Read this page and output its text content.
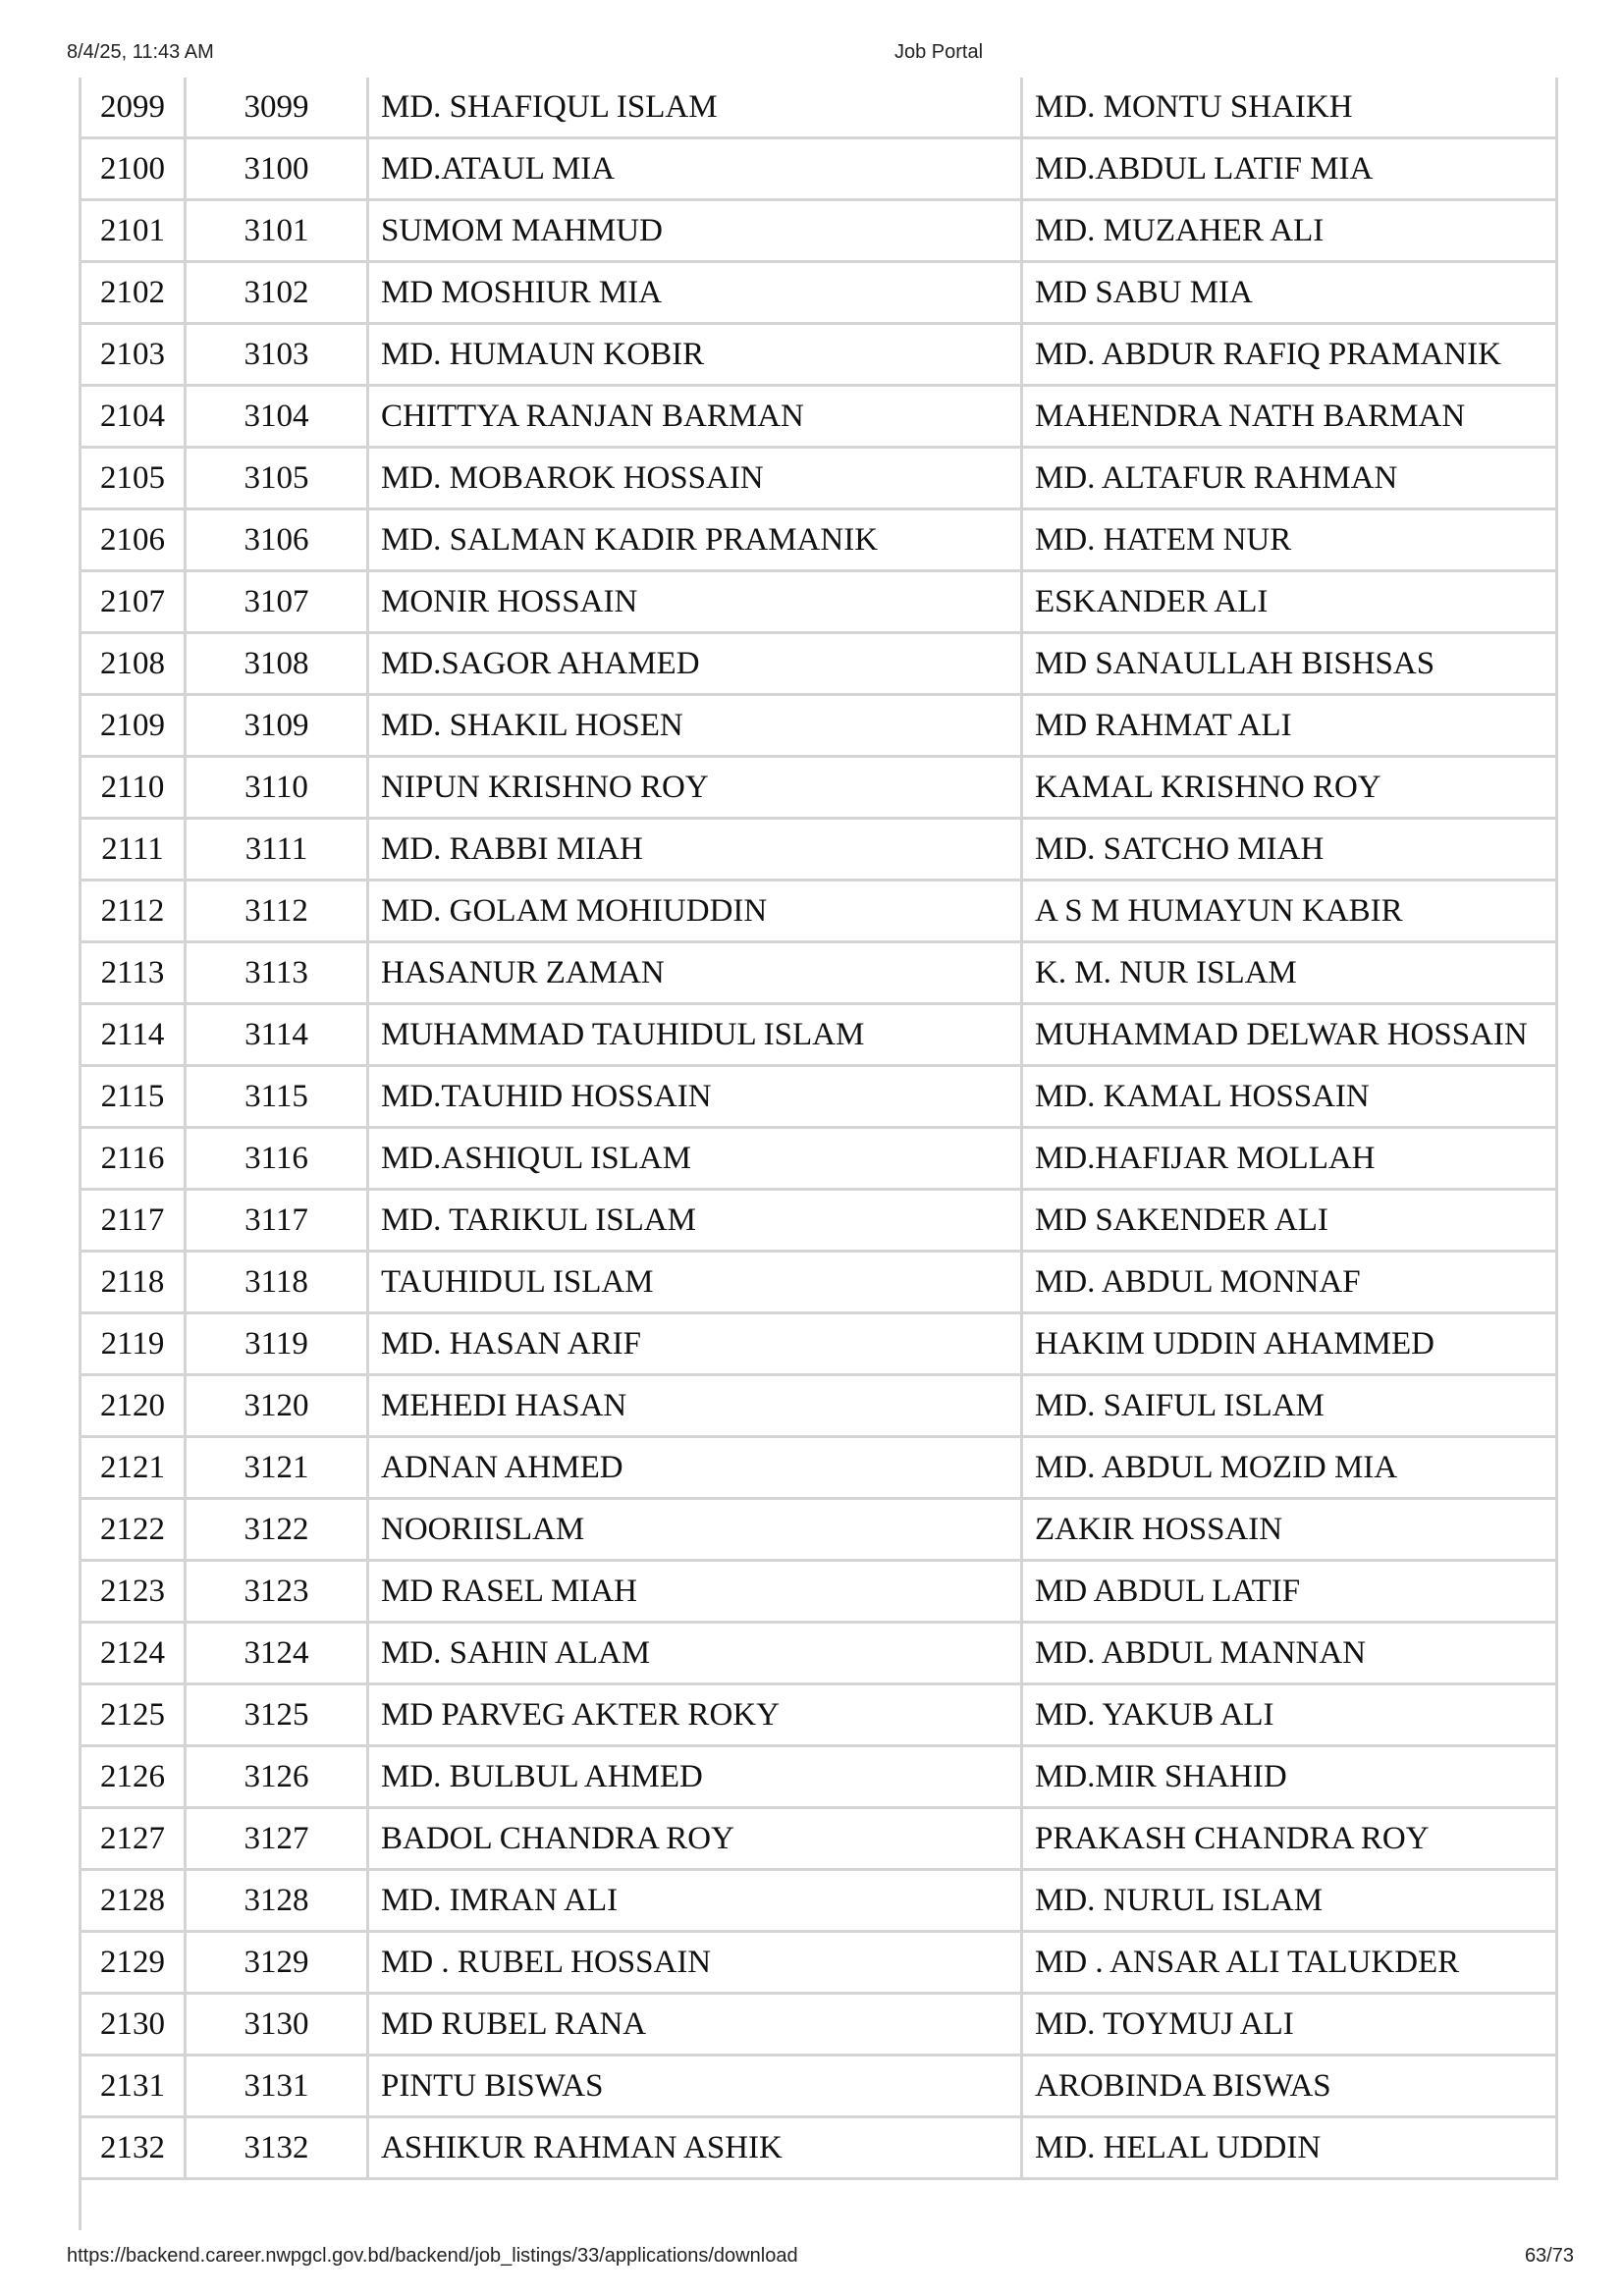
8/4/25, 11:43 AM	Job Portal
2099	3099	MD. SHAFIQUL ISLAM	MD. MONTU SHAIKH
2100	3100	MD.ATAUL MIA	MD.ABDUL LATIF MIA
2101	3101	SUMOM MAHMUD	MD. MUZAHER ALI
2102	3102	MD MOSHIUR MIA	MD SABU MIA
2103	3103	MD. HUMAUN KOBIR	MD. ABDUR RAFIQ PRAMANIK
2104	3104	CHITTYA RANJAN BARMAN	MAHENDRA NATH BARMAN
2105	3105	MD. MOBAROK HOSSAIN	MD. ALTAFUR RAHMAN
2106	3106	MD. SALMAN KADIR PRAMANIK	MD. HATEM NUR
2107	3107	MONIR HOSSAIN	ESKANDER ALI
2108	3108	MD.SAGOR AHAMED	MD SANAULLAH BISHSAS
2109	3109	MD. SHAKIL HOSEN	MD RAHMAT ALI
2110	3110	NIPUN KRISHNO ROY	KAMAL KRISHNO ROY
2111	3111	MD. RABBI MIAH	MD. SATCHO MIAH
2112	3112	MD. GOLAM MOHIUDDIN	A S M HUMAYUN KABIR
2113	3113	HASANUR ZAMAN	K. M. NUR ISLAM
2114	3114	MUHAMMAD TAUHIDUL ISLAM	MUHAMMAD DELWAR HOSSAIN
2115	3115	MD.TAUHID HOSSAIN	MD. KAMAL HOSSAIN
2116	3116	MD.ASHIQUL ISLAM	MD.HAFIJAR MOLLAH
2117	3117	MD. TARIKUL ISLAM	MD SAKENDER ALI
2118	3118	TAUHIDUL ISLAM	MD. ABDUL MONNAF
2119	3119	MD. HASAN ARIF	HAKIM UDDIN AHAMMED
2120	3120	MEHEDI HASAN	MD. SAIFUL ISLAM
2121	3121	ADNAN AHMED	MD. ABDUL MOZID MIA
2122	3122	NOORIISLAM	ZAKIR HOSSAIN
2123	3123	MD RASEL MIAH	MD ABDUL LATIF
2124	3124	MD. SAHIN ALAM	MD. ABDUL MANNAN
2125	3125	MD PARVEG AKTER ROKY	MD. YAKUB ALI
2126	3126	MD. BULBUL AHMED	MD.MIR SHAHID
2127	3127	BADOL CHANDRA ROY	PRAKASH CHANDRA ROY
2128	3128	MD. IMRAN ALI	MD. NURUL ISLAM
2129	3129	MD . RUBEL HOSSAIN	MD . ANSAR ALI TALUKDER
2130	3130	MD RUBEL RANA	MD. TOYMUJ ALI
2131	3131	PINTU BISWAS	AROBINDA BISWAS
2132	3132	ASHIKUR RAHMAN ASHIK	MD. HELAL UDDIN
https://backend.career.nwpgcl.gov.bd/backend/job_listings/33/applications/download	63/73
